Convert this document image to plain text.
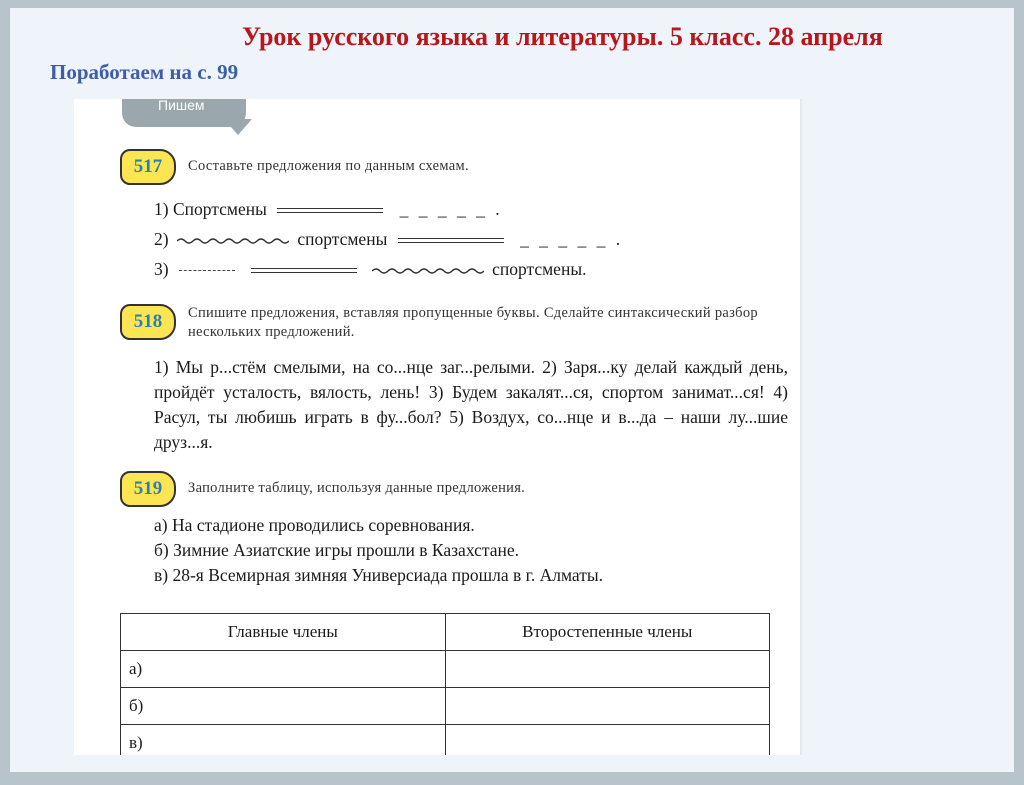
Урок русского языка и литературы. 5 класс. 28 апреля
Поработаем на с. 99
Пишем
517	Составьте предложения по данным схемам.
1) Спортсмены	_ _ _ _ _ .
2)	спортсмены	_ _ _ _ _ .
3)	спортсмены.
518	Спишите предложения, вставляя пропущенные буквы. Сделайте синтаксический разбор нескольких предложений.
1) Мы р...стём смелыми, на со...нце заг...релыми. 2) Заря...ку делай каждый день, пройдёт усталость, вялость, лень! 3) Будем закалят...ся, спортом занимат...ся! 4) Расул, ты любишь играть в фу...бол? 5) Воздух, со...нце и в...да – наши лу...шие друз...я.
519	Заполните таблицу, используя данные предложения.
а) На стадионе проводились соревнования.
б) Зимние Азиатские игры прошли в Казахстане.
в) 28-я Всемирная зимняя Универсиада прошла в г. Алматы.
Главные члены	Второстепенные члены
а)	
б)	
в)	
